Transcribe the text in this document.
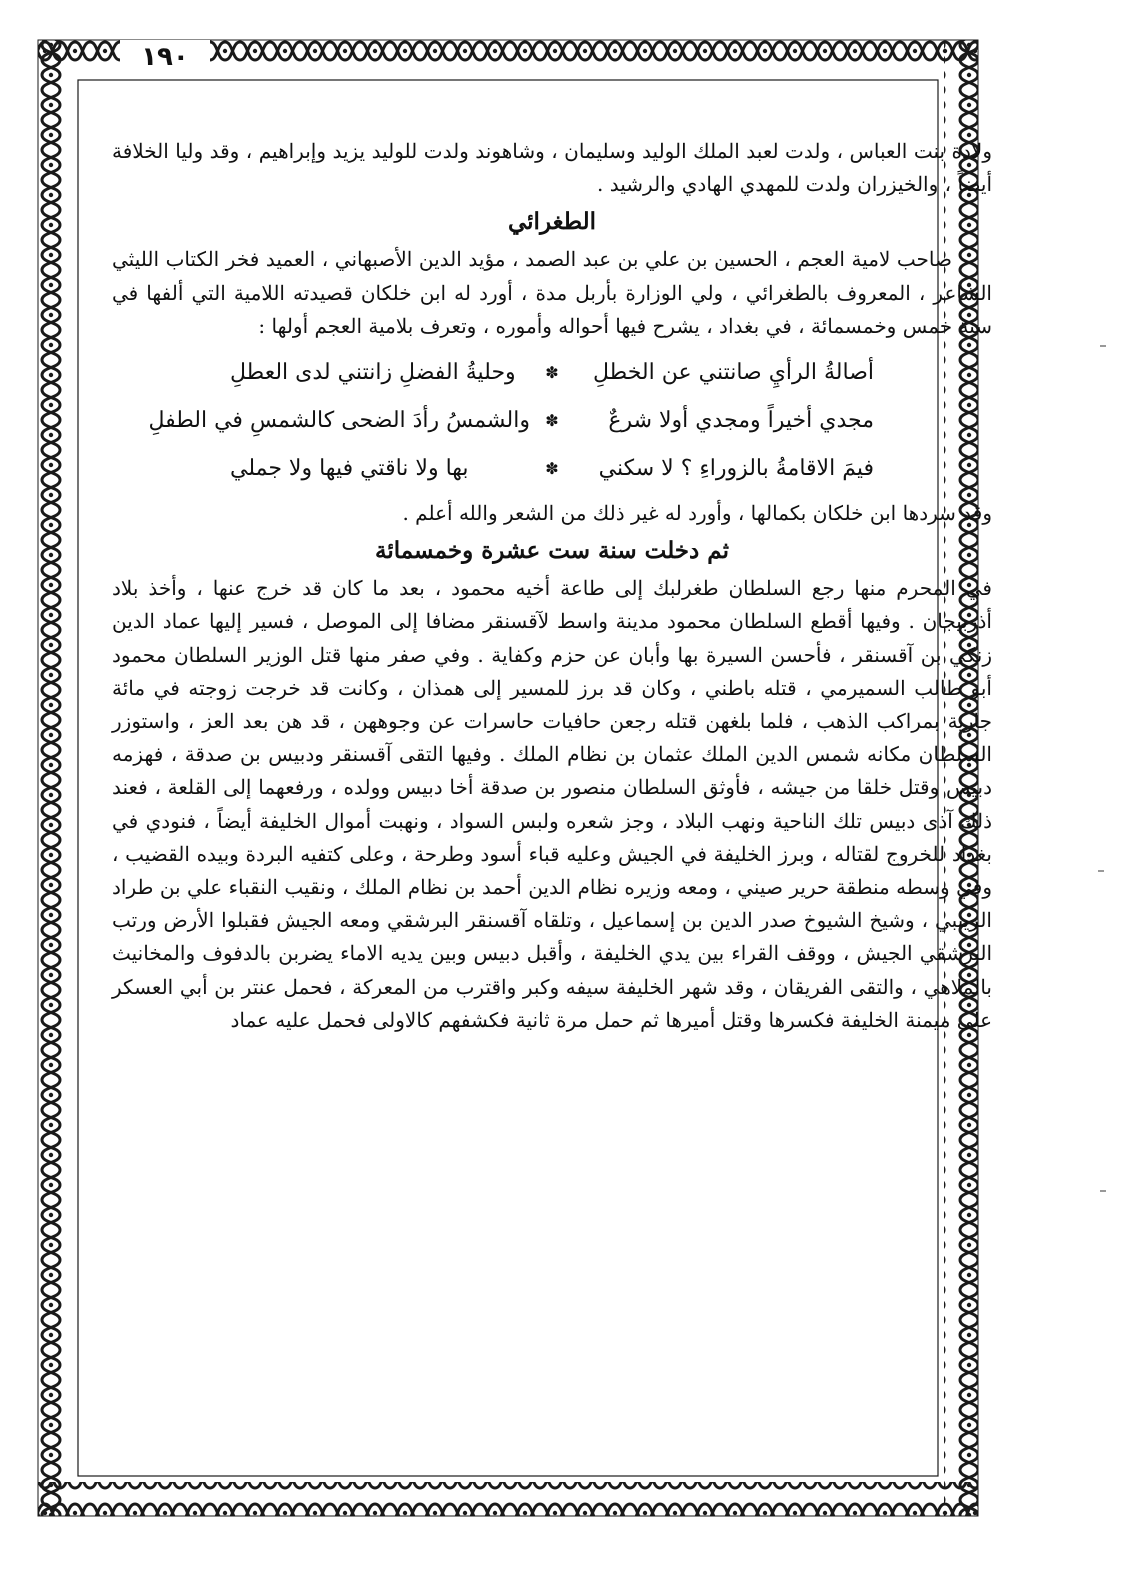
١٩٠

ولادة بنت العباس ، ولدت لعبد الملك الوليد وسليمان ، وشاهوند ولدت للوليد يزيد وإبراهيم ، وقد وليا الخلافة أيضاً ، والخيزران ولدت للمهدي الهادي والرشيد .

الطغرائي

صاحب لامية العجم ، الحسين بن علي بن عبد الصمد ، مؤيد الدين الأصبهاني ، العميد فخر الكتاب الليثي الشاعر ، المعروف بالطغرائي ، ولي الوزارة بأربل مدة ، أورد له ابن خلكان قصيدته اللامية التي ألفها في سنة خمس وخمسمائة ، في بغداد ، يشرح فيها أحواله وأموره ، وتعرف بلامية العجم أولها :

أصالةُ الرأيِ صانتني عن الخطلِ
✽
وحليةُ الفضلِ زانتني لدى العطلِ
مجدي أخيراً ومجدي أولا شرعٌ
✽
والشمسُ رأدَ الضحى كالشمسِ في الطفلِ
فيمَ الاقامةُ بالزوراءِ ؟ لا سكني
✽
بها ولا ناقتي فيها ولا جملي

وقد سردها ابن خلكان بكمالها ، وأورد له غير ذلك من الشعر والله أعلم .

ثم دخلت سنة ست عشرة وخمسمائة

في المحرم منها رجع السلطان طغرلبك إلى طاعة أخيه محمود ، بعد ما كان قد خرج عنها ، وأخذ بلاد أذربيجان . وفيها أقطع السلطان محمود مدينة واسط لآقسنقر مضافا إلى الموصل ، فسير إليها عماد الدين زنكي بن آقسنقر ، فأحسن السيرة بها وأبان عن حزم وكفاية . وفي صفر منها قتل الوزير السلطان محمود أبو طالب السميرمي ، قتله باطني ، وكان قد برز للمسير إلى همذان ، وكانت قد خرجت زوجته في مائة جارية بمراكب الذهب ، فلما بلغهن قتله رجعن حافيات حاسرات عن وجوههن ، قد هن بعد العز ، واستوزر السلطان مكانه شمس الدين الملك عثمان بن نظام الملك . وفيها التقى آقسنقر ودبيس بن صدقة ، فهزمه دبيس وقتل خلقا من جيشه ، فأوثق السلطان منصور بن صدقة أخا دبيس وولده ، ورفعهما إلى القلعة ، فعند ذلك آذى دبيس تلك الناحية ونهب البلاد ، وجز شعره ولبس السواد ، ونهبت أموال الخليفة أيضاً ، فنودي في بغداد للخروج لقتاله ، وبرز الخليفة في الجيش وعليه قباء أسود وطرحة ، وعلى كتفيه البردة وبيده القضيب ، وفي وسطه منطقة حرير صيني ، ومعه وزيره نظام الدين أحمد بن نظام الملك ، ونقيب النقباء علي بن طراد الزينبي ، وشيخ الشيوخ صدر الدين بن إسماعيل ، وتلقاه آقسنقر البرشقي ومعه الجيش فقبلوا الأرض ورتب البرشقي الجيش ، ووقف القراء بين يدي الخليفة ، وأقبل دبيس وبين يديه الاماء يضربن بالدفوف والمخانيث بالملاهي ، والتقى الفريقان ، وقد شهر الخليفة سيفه وكبر واقترب من المعركة ، فحمل عنتر بن أبي العسكر على ميمنة الخليفة فكسرها وقتل أميرها ثم حمل مرة ثانية فكشفهم كالاولى فحمل عليه عماد
